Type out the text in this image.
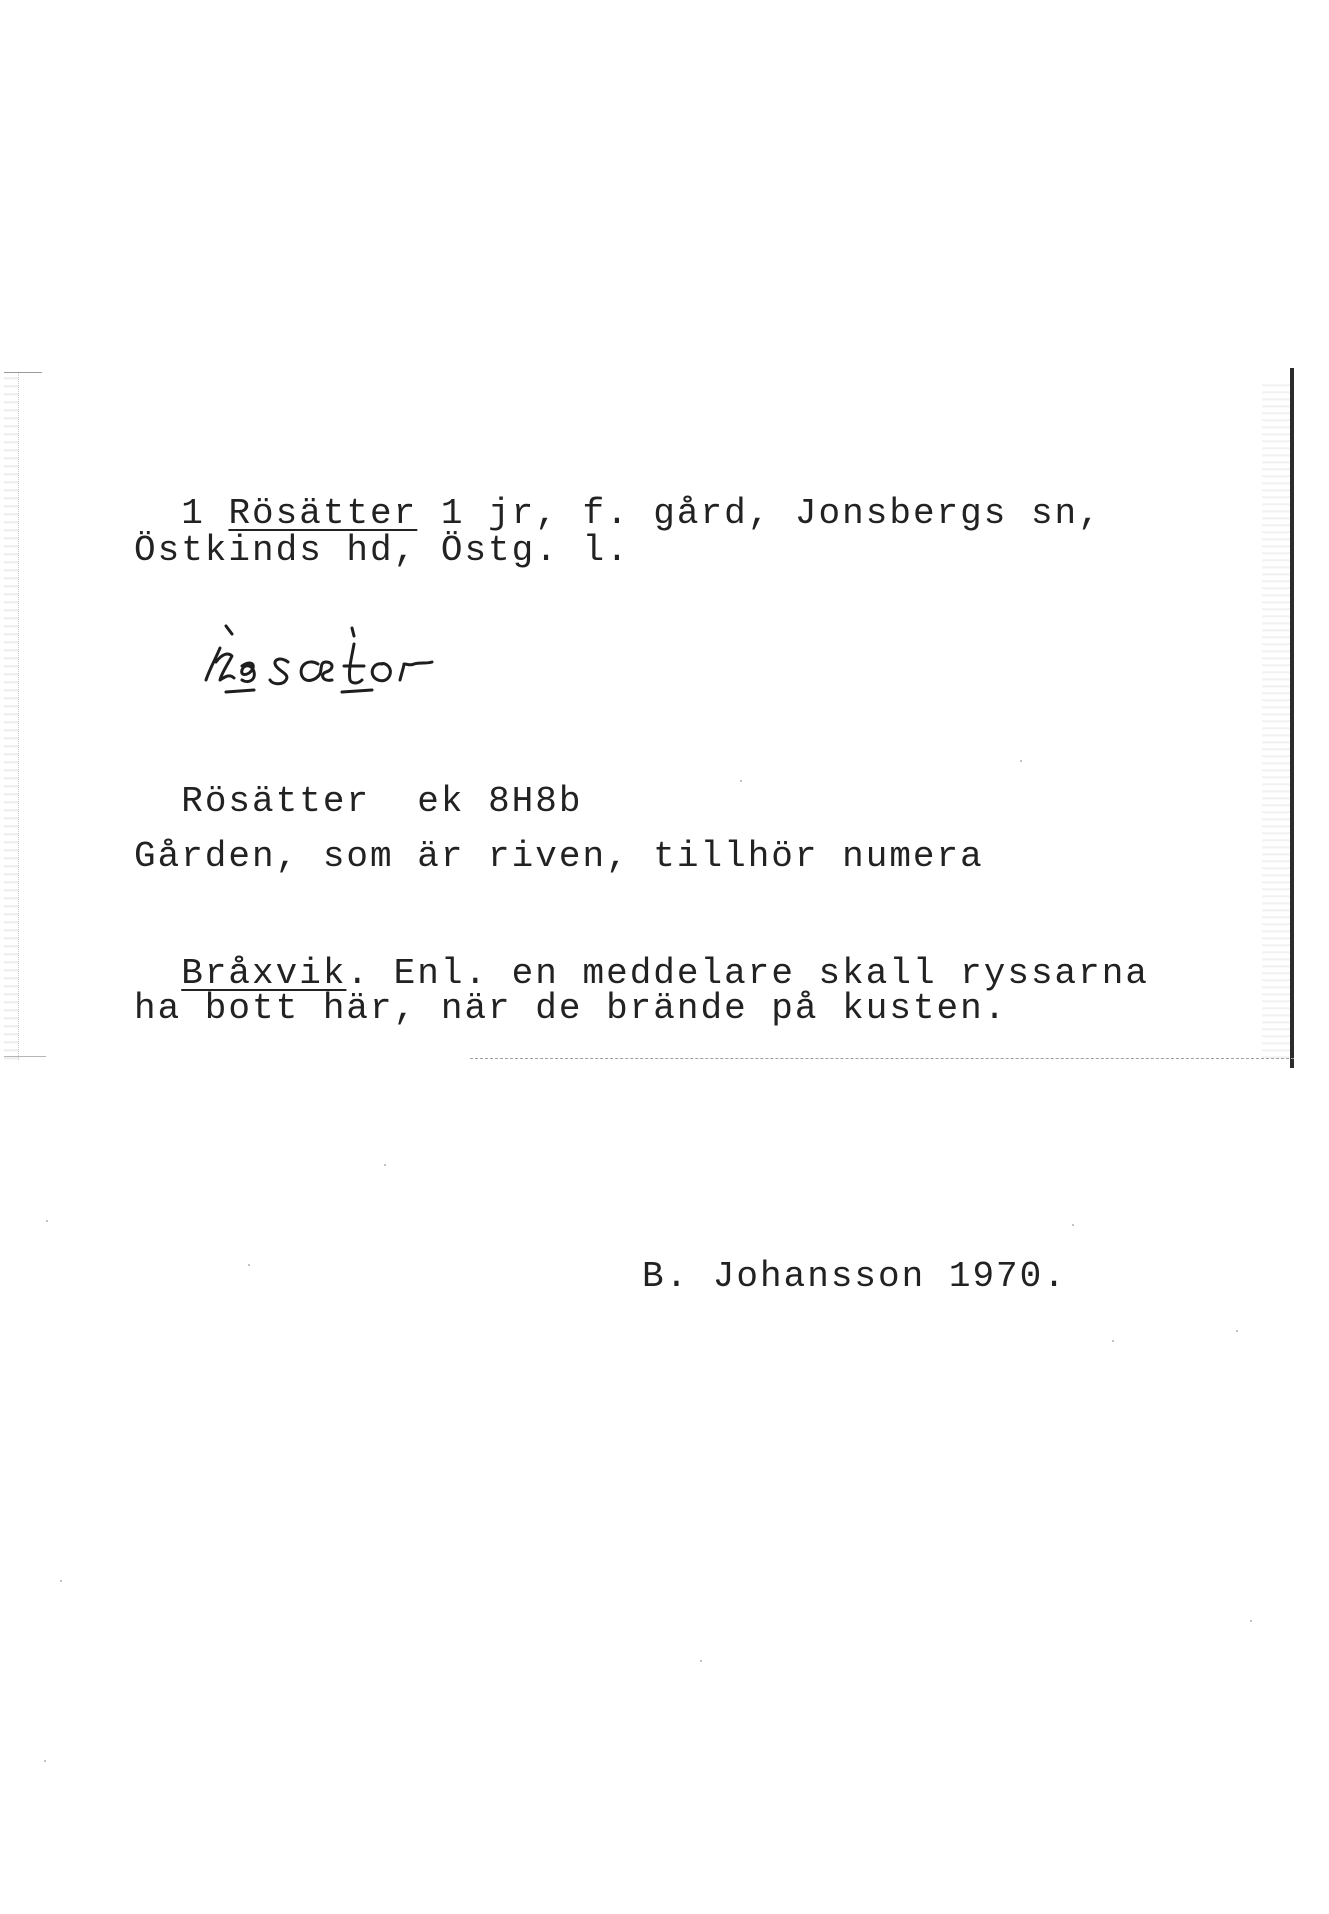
1 Rösätter 1 jr, f. gård, Jonsbergs sn,

Östkinds hd, Östg. l.

Rösätter ek 8H8b

Gården, som är riven, tillhör numera

Bråxvik. Enl. en meddelare skall ryssarna

ha bott här, när de brände på kusten.
B. Johansson 1970.
